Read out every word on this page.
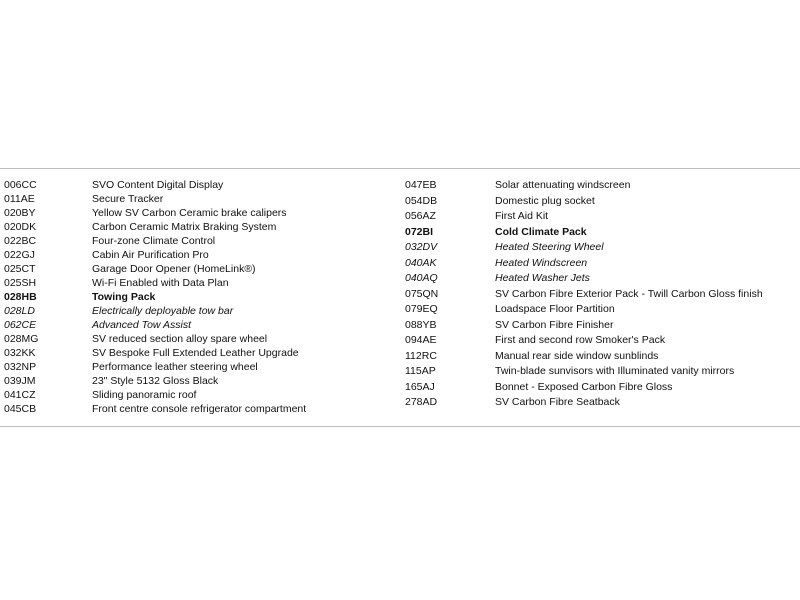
006CC	SVO Content Digital Display
011AE	Secure Tracker
020BY	Yellow SV Carbon Ceramic brake calipers
020DK	Carbon Ceramic Matrix Braking System
022BC	Four-zone Climate Control
022GJ	Cabin Air Purification Pro
025CT	Garage Door Opener (HomeLink®)
025SH	Wi-Fi Enabled with Data Plan
028HB	Towing Pack
028LD	Electrically deployable tow bar
062CE	Advanced Tow Assist
028MG	SV reduced section alloy spare wheel
032KK	SV Bespoke Full Extended Leather Upgrade
032NP	Performance leather steering wheel
039JM	23" Style 5132 Gloss Black
041CZ	Sliding panoramic roof
045CB	Front centre console refrigerator compartment
047EB	Solar attenuating windscreen
054DB	Domestic plug socket
056AZ	First Aid Kit
072BI	Cold Climate Pack
032DV	Heated Steering Wheel
040AK	Heated Windscreen
040AQ	Heated Washer Jets
075QN	SV Carbon Fibre Exterior Pack - Twill Carbon Gloss finish
079EQ	Loadspace Floor Partition
088YB	SV Carbon Fibre Finisher
094AE	First and second row Smoker's Pack
112RC	Manual rear side window sunblinds
115AP	Twin-blade sunvisors with Illuminated vanity mirrors
165AJ	Bonnet - Exposed Carbon Fibre Gloss
278AD	SV Carbon Fibre Seatback
